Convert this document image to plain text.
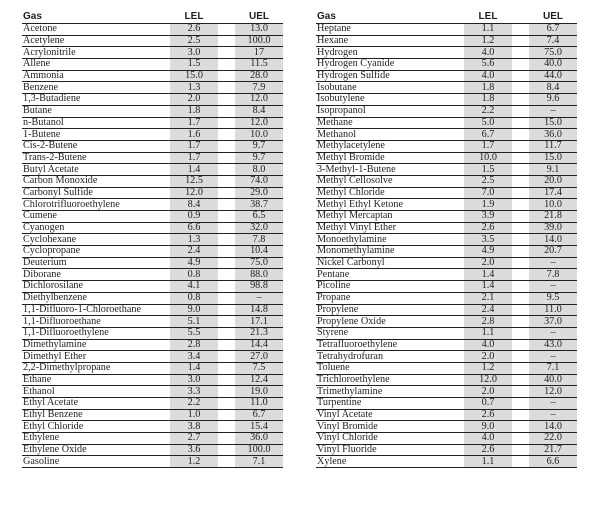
Gas		LEL		UEL
Acetone		2.6		13.0
Acetylene		2.5		100.0
Acrylonitrile		3.0		17
Allene		1.5		11.5
Ammonia		15.0		28.0
Benzene		1.3		7.9
1,3-Butadiene		2.0		12.0
Butane		1.8		8.4
n-Butanol		1.7		12.0
1-Butene		1.6		10.0
Cis-2-Butene		1.7		9.7
Trans-2-Butene		1.7		9.7
Butyl Acetate		1.4		8.0
Carbon Monoxide		12.5		74.0
Carbonyl Sulfide		12.0		29.0
Chlorotrifluoroethylene		8.4		38.7
Cumene		0.9		6.5
Cyanogen		6.6		32.0
Cyclohexane		1.3		7.8
Cyclopropane		2.4		10.4
Deuterium		4.9		75.0
Diborane		0.8		88.0
Dichlorosilane		4.1		98.8
Diethylbenzene		0.8		–
1,1-Difluoro-1-Chloroethane		9.0		14.8
1,1-Difluoroethane		5.1		17.1
1,1-Difluoroethylene		5.5		21.3
Dimethylamine		2.8		14.4
Dimethyl Ether		3.4		27.0
2,2-Dimethylpropane		1.4		7.5
Ethane		3.0		12.4
Ethanol		3.3		19.0
Ethyl Acetate		2.2		11.0
Ethyl Benzene		1.0		6.7
Ethyl Chloride		3.8		15.4
Ethylene		2.7		36.0
Ethylene Oxide		3.6		100.0
Gasoline		1.2		7.1
Gas		LEL		UEL
Heptane		1.1		6.7
Hexane		1.2		7.4
Hydrogen		4.0		75.0
Hydrogen Cyanide		5.6		40.0
Hydrogen Sulfide		4.0		44.0
Isobutane		1.8		8.4
Isobutylene		1.8		9.6
Isopropanol		2.2		–
Methane		5.0		15.0
Methanol		6.7		36.0
Methylacetylene		1.7		11.7
Methyl Bromide		10.0		15.0
3-Methyl-1-Butene		1.5		9.1
Methyl Cellosolve		2.5		20.0
Methyl Chloride		7.0		17.4
Methyl Ethyl Ketone		1.9		10.0
Methyl Mercaptan		3.9		21.8
Methyl Vinyl Ether		2.6		39.0
Monoethylamine		3.5		14.0
Monomethylamine		4.9		20.7
Nickel Carbonyl		2.0		–
Pentane		1.4		7.8
Picoline		1.4		–
Propane		2.1		9.5
Propylene		2.4		11.0
Propylene Oxide		2.8		37.0
Styrene		1.1		–
Tetrafluoroethylene		4.0		43.0
Tetrahydrofuran		2.0		–
Toluene		1.2		7.1
Trichloroethylene		12.0		40.0
Trimethylamine		2.0		12.0
Turpentine		0.7		–
Vinyl Acetate		2.6		–
Vinyl Bromide		9.0		14.0
Vinyl Chloride		4.0		22.0
Vinyl Fluoride		2.6		21.7
Xylene		1.1		6.6
